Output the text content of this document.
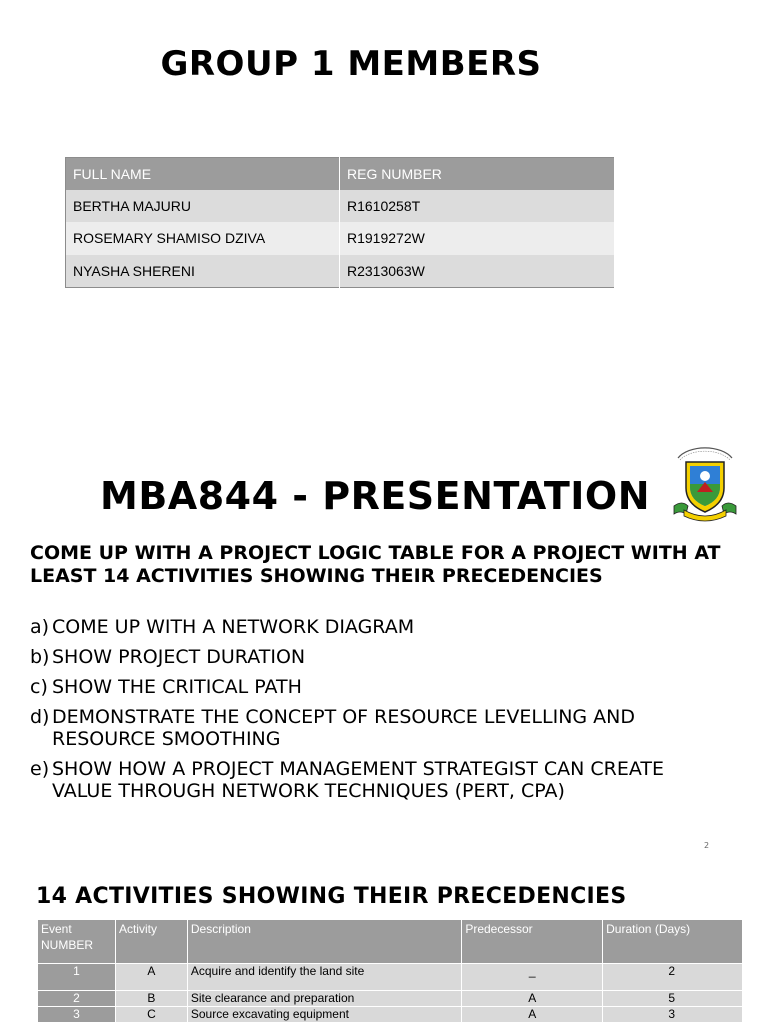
GROUP 1 MEMBERS
FULL NAME	REG NUMBER
BERTHA MAJURU	R1610258T
ROSEMARY SHAMISO DZIVA	R1919272W
NYASHA SHERENI	R2313063W
MBA844 - PRESENTATION
COME UP WITH A PROJECT LOGIC TABLE FOR A PROJECT WITH AT LEAST 14 ACTIVITIES SHOWING THEIR PRECEDENCIES
a) COME UP WITH A NETWORK DIAGRAM
b) SHOW PROJECT DURATION
c) SHOW THE CRITICAL PATH
d) DEMONSTRATE THE CONCEPT OF RESOURCE LEVELLING AND RESOURCE SMOOTHING
e) SHOW HOW A PROJECT MANAGEMENT STRATEGIST CAN CREATE VALUE THROUGH NETWORK TECHNIQUES (PERT, CPA)
2
14 ACTIVITIES SHOWING THEIR PRECEDENCIES
Event NUMBER	Activity	Description	Predecessor	Duration (Days)
1	A	Acquire and identify the land site	_	2
2	B	Site clearance and preparation	A	5
3	C	Source excavating equipment	A	3
